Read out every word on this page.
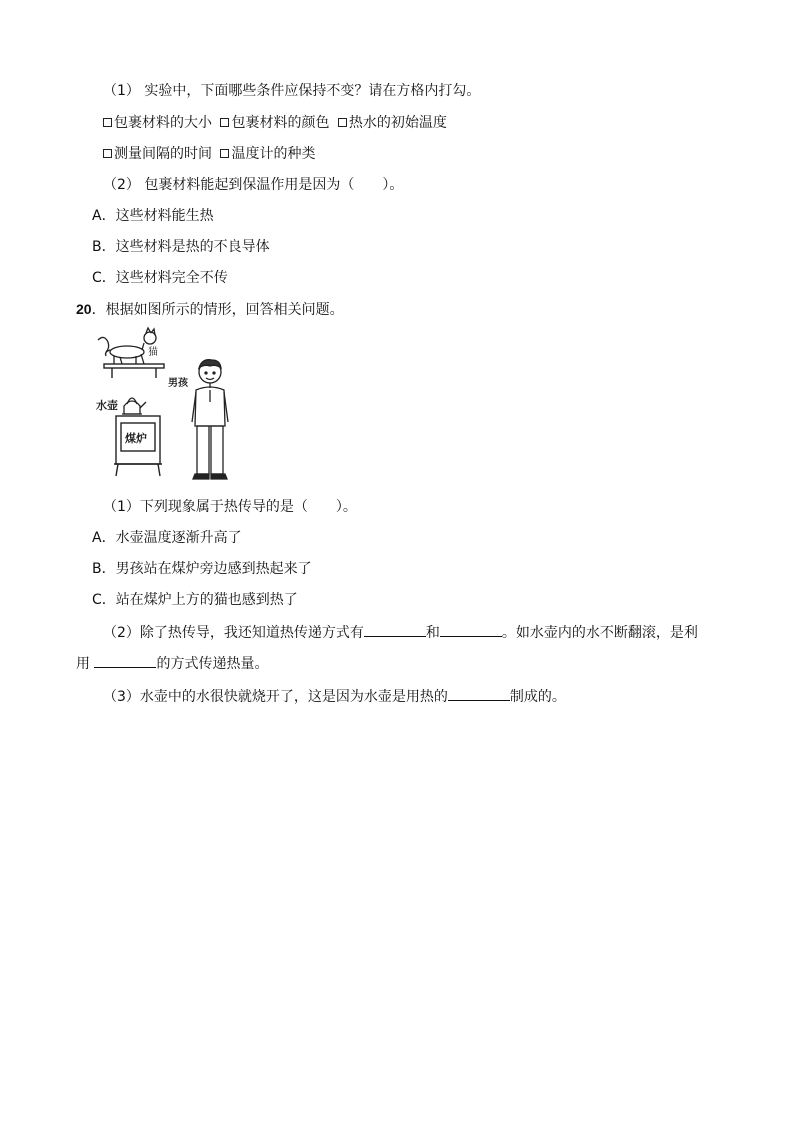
（1） 实验中，下面哪些条件应保持不变？请在方格内打勾。
包裹材料的大小 包裹材料的颜色 热水的初始温度
测量间隔的时间 温度计的种类
（2） 包裹材料能起到保温作用是因为（　　）。
A．这些材料能生热
B．这些材料是热的不良导体
C．这些材料完全不传
20．根据如图所示的情形，回答相关问题。
猫
水壶
煤炉
男孩
（1）下列现象属于热传导的是（　　）。
A．水壶温度逐渐升高了
B．男孩站在煤炉旁边感到热起来了
C．站在煤炉上方的猫也感到热了
（2）除了热传导，我还知道热传递方式有	和	。如水壶内的水不断翻滚，是利
用	的方式传递热量。
（3）水壶中的水很快就烧开了，这是因为水壶是用热的	制成的。
